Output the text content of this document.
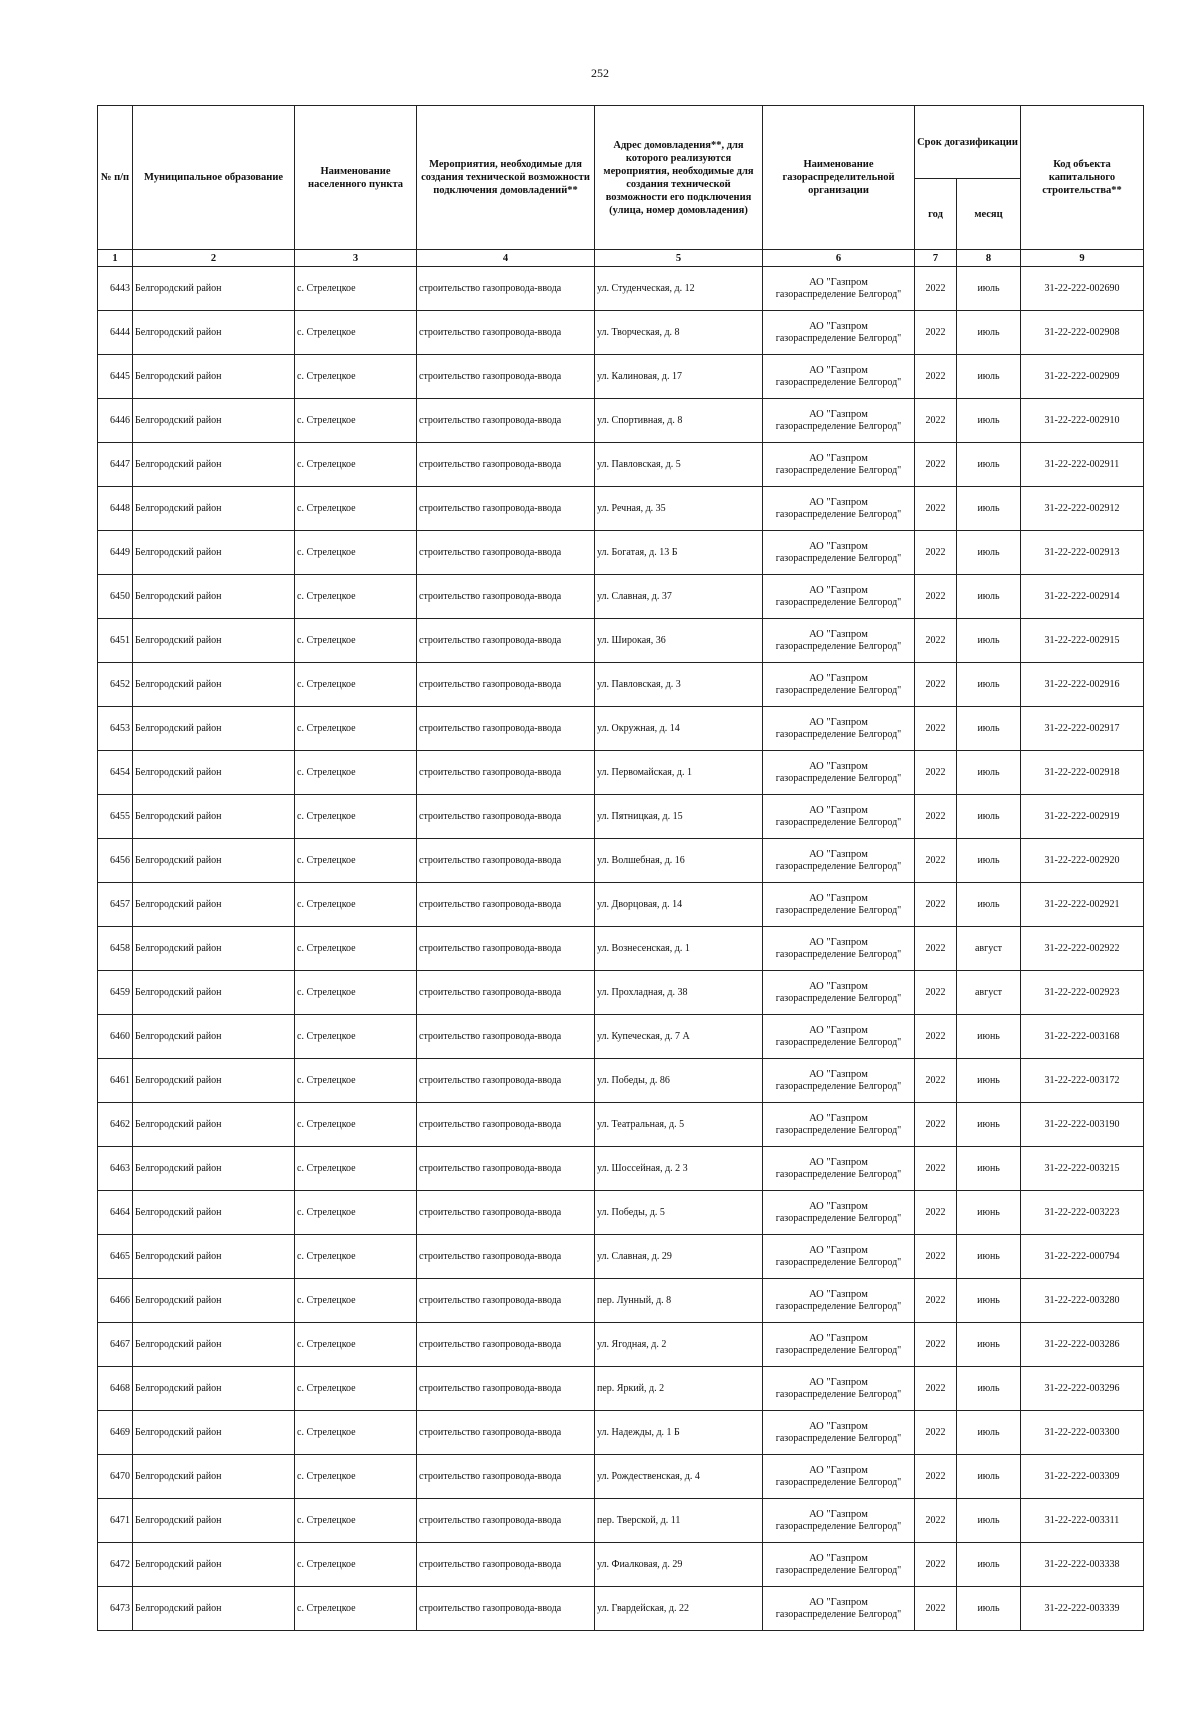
252
№ п/п	Муниципальное образование	Наименование населенного пункта	Мероприятия, необходимые для создания технической возможности подключения домовладений**	Адрес домовладения**, для которого реализуются мероприятия, необходимые для создания технической возможности его подключения (улица, номер домовладения)	Наименование газораспределительной организации	Срок догазификации		Код объекта капитального строительства**
						год	месяц	
1	2	3	4	5	6	7	8	9
6443	Белгородский район	с. Стрелецкое	строительство газопровода-ввода	ул. Студенческая, д. 12	АО "Газпром
газораспределение Белгород"	2022	июль	31-22-222-002690
6444	Белгородский район	с. Стрелецкое	строительство газопровода-ввода	ул. Творческая, д. 8	АО "Газпром
газораспределение Белгород"	2022	июль	31-22-222-002908
6445	Белгородский район	с. Стрелецкое	строительство газопровода-ввода	ул. Калиновая, д. 17	АО "Газпром
газораспределение Белгород"	2022	июль	31-22-222-002909
6446	Белгородский район	с. Стрелецкое	строительство газопровода-ввода	ул. Спортивная, д. 8	АО "Газпром
газораспределение Белгород"	2022	июль	31-22-222-002910
6447	Белгородский район	с. Стрелецкое	строительство газопровода-ввода	ул. Павловская, д. 5	АО "Газпром
газораспределение Белгород"	2022	июль	31-22-222-002911
6448	Белгородский район	с. Стрелецкое	строительство газопровода-ввода	ул. Речная, д. 35	АО "Газпром
газораспределение Белгород"	2022	июль	31-22-222-002912
6449	Белгородский район	с. Стрелецкое	строительство газопровода-ввода	ул. Богатая, д. 13 Б	АО "Газпром
газораспределение Белгород"	2022	июль	31-22-222-002913
6450	Белгородский район	с. Стрелецкое	строительство газопровода-ввода	ул. Славная, д. 37	АО "Газпром
газораспределение Белгород"	2022	июль	31-22-222-002914
6451	Белгородский район	с. Стрелецкое	строительство газопровода-ввода	ул. Широкая, 36	АО "Газпром
газораспределение Белгород"	2022	июль	31-22-222-002915
6452	Белгородский район	с. Стрелецкое	строительство газопровода-ввода	ул. Павловская, д. 3	АО "Газпром
газораспределение Белгород"	2022	июль	31-22-222-002916
6453	Белгородский район	с. Стрелецкое	строительство газопровода-ввода	ул. Окружная, д. 14	АО "Газпром
газораспределение Белгород"	2022	июль	31-22-222-002917
6454	Белгородский район	с. Стрелецкое	строительство газопровода-ввода	ул. Первомайская, д. 1	АО "Газпром
газораспределение Белгород"	2022	июль	31-22-222-002918
6455	Белгородский район	с. Стрелецкое	строительство газопровода-ввода	ул. Пятницкая, д. 15	АО "Газпром
газораспределение Белгород"	2022	июль	31-22-222-002919
6456	Белгородский район	с. Стрелецкое	строительство газопровода-ввода	ул. Волшебная, д. 16	АО "Газпром
газораспределение Белгород"	2022	июль	31-22-222-002920
6457	Белгородский район	с. Стрелецкое	строительство газопровода-ввода	ул. Дворцовая, д. 14	АО "Газпром
газораспределение Белгород"	2022	июль	31-22-222-002921
6458	Белгородский район	с. Стрелецкое	строительство газопровода-ввода	ул. Вознесенская, д. 1	АО "Газпром
газораспределение Белгород"	2022	август	31-22-222-002922
6459	Белгородский район	с. Стрелецкое	строительство газопровода-ввода	ул. Прохладная, д. 38	АО "Газпром
газораспределение Белгород"	2022	август	31-22-222-002923
6460	Белгородский район	с. Стрелецкое	строительство газопровода-ввода	ул. Купеческая, д. 7 А	АО "Газпром
газораспределение Белгород"	2022	июнь	31-22-222-003168
6461	Белгородский район	с. Стрелецкое	строительство газопровода-ввода	ул. Победы, д. 86	АО "Газпром
газораспределение Белгород"	2022	июнь	31-22-222-003172
6462	Белгородский район	с. Стрелецкое	строительство газопровода-ввода	ул. Театральная, д. 5	АО "Газпром
газораспределение Белгород"	2022	июнь	31-22-222-003190
6463	Белгородский район	с. Стрелецкое	строительство газопровода-ввода	ул. Шоссейная, д. 2 3	АО "Газпром
газораспределение Белгород"	2022	июнь	31-22-222-003215
6464	Белгородский район	с. Стрелецкое	строительство газопровода-ввода	ул. Победы, д. 5	АО "Газпром
газораспределение Белгород"	2022	июнь	31-22-222-003223
6465	Белгородский район	с. Стрелецкое	строительство газопровода-ввода	ул. Славная, д. 29	АО "Газпром
газораспределение Белгород"	2022	июнь	31-22-222-000794
6466	Белгородский район	с. Стрелецкое	строительство газопровода-ввода	пер. Лунный, д. 8	АО "Газпром
газораспределение Белгород"	2022	июнь	31-22-222-003280
6467	Белгородский район	с. Стрелецкое	строительство газопровода-ввода	ул. Ягодная, д. 2	АО "Газпром
газораспределение Белгород"	2022	июнь	31-22-222-003286
6468	Белгородский район	с. Стрелецкое	строительство газопровода-ввода	пер. Яркий, д. 2	АО "Газпром
газораспределение Белгород"	2022	июль	31-22-222-003296
6469	Белгородский район	с. Стрелецкое	строительство газопровода-ввода	ул. Надежды, д. 1 Б	АО "Газпром
газораспределение Белгород"	2022	июль	31-22-222-003300
6470	Белгородский район	с. Стрелецкое	строительство газопровода-ввода	ул. Рождественская, д. 4	АО "Газпром
газораспределение Белгород"	2022	июль	31-22-222-003309
6471	Белгородский район	с. Стрелецкое	строительство газопровода-ввода	пер. Тверской, д. 11	АО "Газпром
газораспределение Белгород"	2022	июль	31-22-222-003311
6472	Белгородский район	с. Стрелецкое	строительство газопровода-ввода	ул. Фиалковая, д. 29	АО "Газпром
газораспределение Белгород"	2022	июль	31-22-222-003338
6473	Белгородский район	с. Стрелецкое	строительство газопровода-ввода	ул. Гвардейская, д. 22	АО "Газпром
газораспределение Белгород"	2022	июль	31-22-222-003339
